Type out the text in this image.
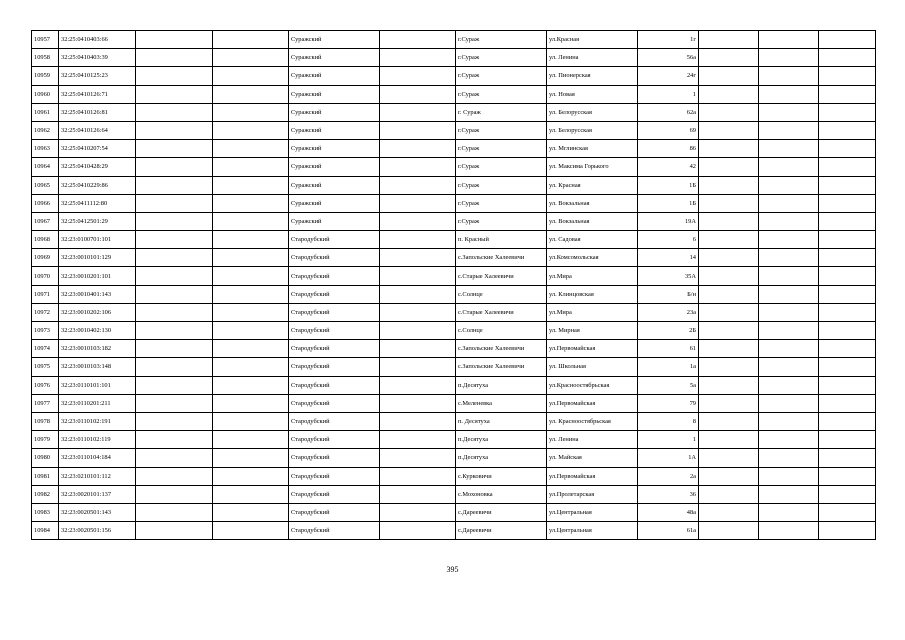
10957	32:25:0410403:66			Суражский		г.Сураж	ул.Красная	1г			
10958	32:25:0410403:39			Суражский		г.Сураж	ул. Ленина	56а			
10959	32:25:0410125:23			Суражский		г.Сураж	ул. Пионерская	24г			
10960	32:25:0410126:71			Суражский		г.Сураж	ул. Новая	1			
10961	32:25:0410126:81			Суражский		г. Сураж	ул. Белорусская	62а			
10962	32:25:0410126:64			Суражский		г.Сураж	ул. Белорусская	69			
10963	32:25:0410207:54			Суражский		г.Сураж	ул. Мглинская	86			
10964	32:25:0410428:29			Суражский		г.Сураж	ул. Максима Горького	42			
10965	32:25:0410229:86			Суражский		г.Сураж	ул. Красная	1Б			
10966	32:25:0411112:80			Суражский		г.Сураж	ул. Вокзальная	1Б			
10967	32:25:0412501:29			Суражский		г.Сураж	ул. Вокзальная	19А			
10968	32:23:0100701:101			Стародубский		п. Красный	ул. Садовая	6			
10969	32:23:0010101:129			Стародубский		с.Запольские Халеевичи	ул.Комсомольская	14			
10970	32:23:0010201:101			Стародубский		с.Старые Халеевичи	ул.Мира	35А			
10971	32:23:0010401:143			Стародубский		с.Солнце	ул. Клинцовская	Б/н			
10972	32:23:0010202:106			Стародубский		с.Старые Халеевичи	ул.Мира	23а			
10973	32:23:0010402:130			Стародубский		с.Солнце	ул. Мирная	2Б			
10974	32:23:0010103:182			Стародубский		с.Запольские Халеевичи	ул.Первомайская	61			
10975	32:23:0010103:148			Стародубский		с.Запольские Халеевичи	ул. Школьная	1а			
10976	32:23:0110101:101			Стародубский		п.Десятуха	ул.Красноостябрьская	5а			
10977	32:23:0110201:211			Стародубский		с.Меленевка	ул.Первомайская	79			
10978	32:23:0110102:191			Стародубский		п. Десятуха	ул. Красноостябрьская	8			
10979	32:23:0110102:119			Стародубский		п.Десятуха	ул. Ленина	1			
10980	32:23:0110104:184			Стародубский		п.Десятуха	ул. Майская	1А			
10981	32:23:0210101:112			Стародубский		с.Курковичи	ул.Первомайская	2а			
10982	32:23:0020101:137			Стародубский		с.Мохоновка	ул.Пролетарская	36			
10983	32:23:0020501:143			Стародубский		с.Дареевичи	ул.Центральная	48а			
10984	32:23:0020501:156			Стародубский		с.Дареевичи	ул.Центральная	61а			
395
